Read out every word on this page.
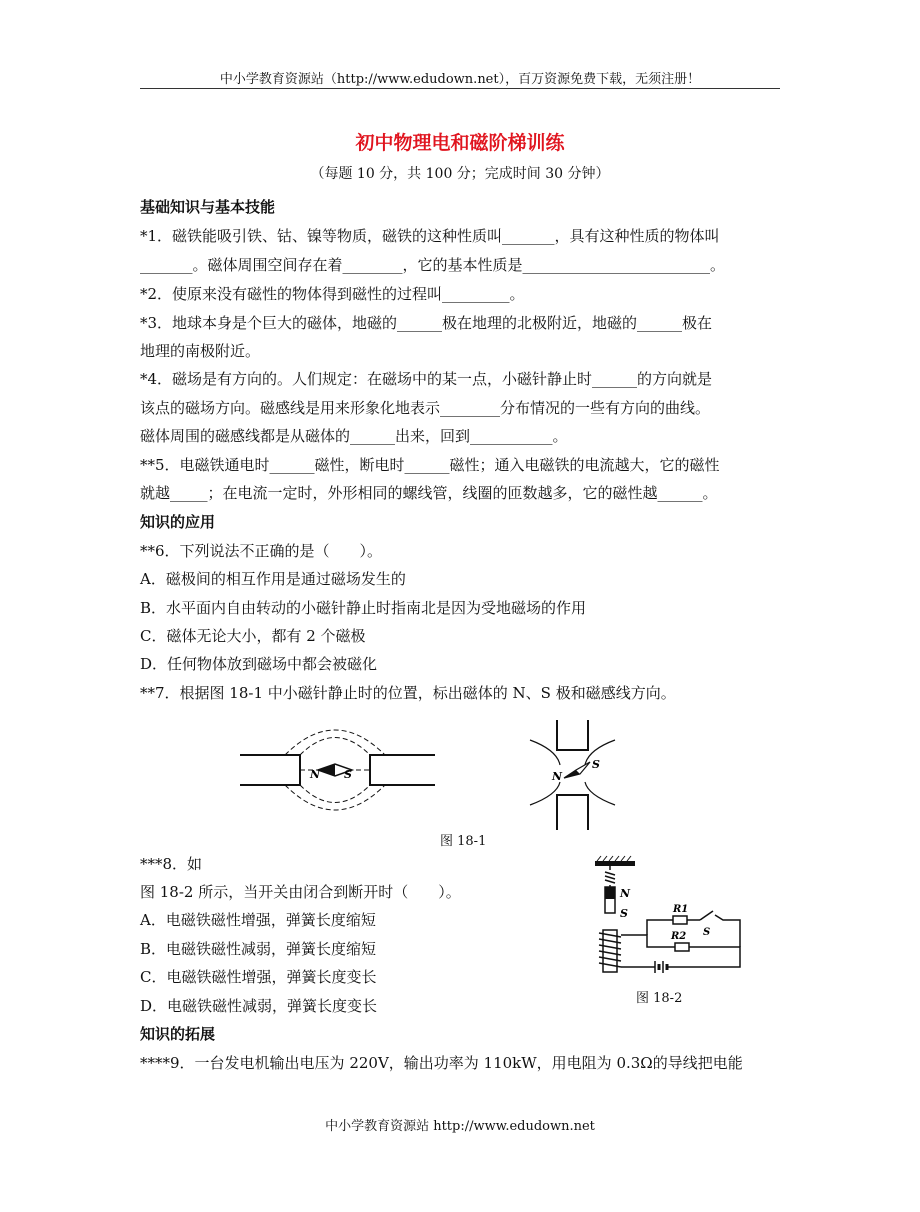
中小学教育资源站（http://www.edudown.net），百万资源免费下载，无须注册！
初中物理电和磁阶梯训练
（每题 10 分，共 100 分；完成时间 30 分钟）
基础知识与基本技能
*1．磁铁能吸引铁、钴、镍等物质，磁铁的这种性质叫_______，具有这种性质的物体叫
_______。磁体周围空间存在着________，它的基本性质是_________________________。
*2．使原来没有磁性的物体得到磁性的过程叫_________。
*3．地球本身是个巨大的磁体，地磁的______极在地理的北极附近，地磁的______极在
地理的南极附近。
*4．磁场是有方向的。人们规定：在磁场中的某一点，小磁针静止时______的方向就是
该点的磁场方向。磁感线是用来形象化地表示________分布情况的一些有方向的曲线。
磁体周围的磁感线都是从磁体的______出来，回到___________。
**5．电磁铁通电时______磁性，断电时______磁性；通入电磁铁的电流越大，它的磁性
就越_____；在电流一定时，外形相同的螺线管，线圈的匝数越多，它的磁性越______。
知识的应用
**6．下列说法不正确的是（　　）。
A．磁极间的相互作用是通过磁场发生的
B．水平面内自由转动的小磁针静止时指南北是因为受地磁场的作用
C．磁体无论大小，都有 2 个磁极
D．任何物体放到磁场中都会被磁化
**7．根据图 18-1 中小磁针静止时的位置，标出磁体的 N、S 极和磁感线方向。
N S	N
S
图 18-1
***8．如
图 18-2 所示，当开关由闭合到断开时（　　）。
A．电磁铁磁性增强，弹簧长度缩短
B．电磁铁磁性减弱，弹簧长度缩短
C．电磁铁磁性增强，弹簧长度变长
D．电磁铁磁性减弱，弹簧长度变长
N
S	R1
S
R2
图 18-2
知识的拓展
****9．一台发电机输出电压为 220V，输出功率为 110kW，用电阻为 0.3Ω的导线把电能
中小学教育资源站 http://www.edudown.net
